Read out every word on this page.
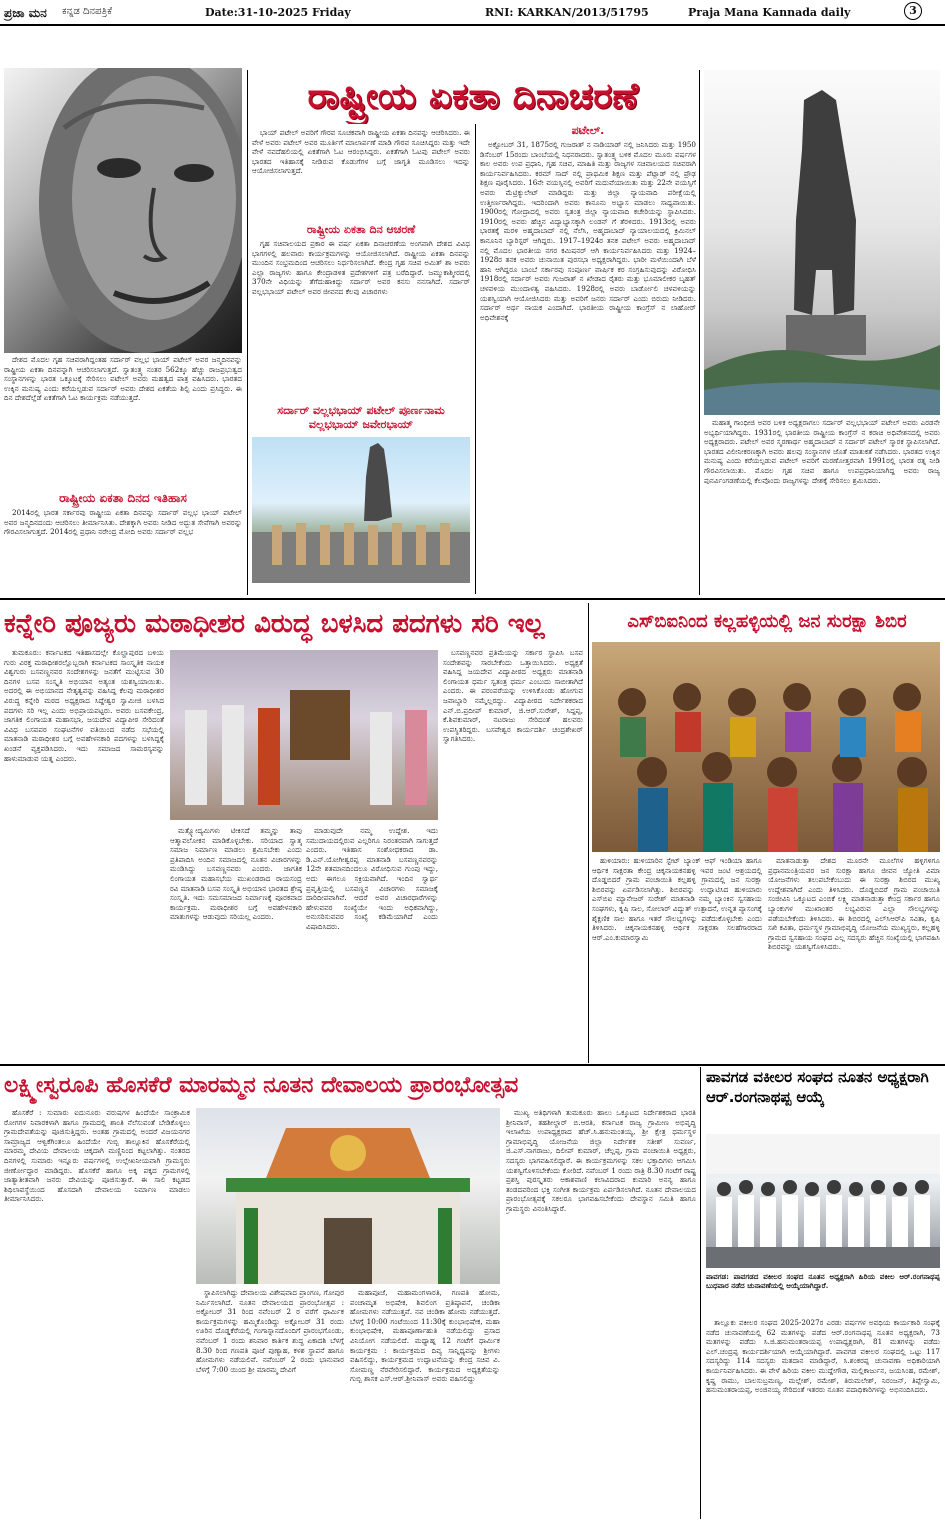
ಪ್ರಜಾ ಮನ ಕನ್ನಡ ದಿನಪತ್ರಿಕೆ	Date:31-10-2025 Friday	RNI: KARKAN/2013/51795	Praja Mana Kannada daily	3
ರಾಷ್ಟ್ರೀಯ ಏಕತಾ ದಿನಾಚರಣೆ

ದೇಶದ ಮೊದಲ ಗೃಹ ಸಚಿವರಾಗಿದ್ದಂತಹ ಸರ್ದಾರ್ ವಲ್ಲಭ ಭಾಯ್ ಪಟೇಲ್ ಅವರ ಜನ್ಮದಿನವನ್ನು ರಾಷ್ಟ್ರೀಯ ಏಕತಾ ದಿನವನ್ನಾಗಿ ಆಚರಿಸಲಾಗುತ್ತದೆ. ಸ್ವಾತಂತ್ರ್ಯ ನಂತರ 562ಕ್ಕೂ ಹೆಚ್ಚು ರಾಜಪ್ರಭುತ್ವದ ಸಂಸ್ಥಾನಗಳನ್ನು ಭಾರತ ಒಕ್ಕೂಟಕ್ಕೆ ಸೇರಿಸಲು ಪಟೇಲ್ ಅವರು ಮಹತ್ವದ ಪಾತ್ರ ವಹಿಸಿದರು. ಭಾರತದ ಉಕ್ಕಿನ ಮನುಷ್ಯ ಎಂದು ಕರೆಯಲ್ಪಡುವ ಸರ್ದಾರ್ ಅವರು ದೇಶದ ಏಕತೆಯ ಶಿಲ್ಪಿ ಎಂದು ಪ್ರಸಿದ್ಧರು. ಈ ದಿನ ದೇಶದೆಲ್ಲೆಡೆ ಏಕತೆಗಾಗಿ ಓಟ ಕಾರ್ಯಕ್ರಮ ನಡೆಯುತ್ತದೆ.

ರಾಷ್ಟ್ರೀಯ ಏಕತಾ ದಿನದ ಇತಿಹಾಸ

2014ರಲ್ಲಿ ಭಾರತ ಸರ್ಕಾರವು ರಾಷ್ಟ್ರೀಯ ಏಕತಾ ದಿನವನ್ನು ಸರ್ದಾರ್ ವಲ್ಲಭ ಭಾಯ್ ಪಟೇಲ್ ಅವರ ಜನ್ಮದಿನದಂದು ಆಚರಿಸಲು ತೀರ್ಮಾನಿಸಿತು. ದೇಶಕ್ಕಾಗಿ ಅವರು ನೀಡಿದ ಅದ್ಭುತ ಸೇವೆಗಾಗಿ ಅವರನ್ನು ಗೌರವಿಸಲಾಗುತ್ತದೆ. 2014ರಲ್ಲಿ ಪ್ರಧಾನಿ ನರೇಂದ್ರ ಮೋದಿ ಅವರು ಸರ್ದಾರ್ ವಲ್ಲಭ

ಭಾಯ್ ಪಟೇಲ್ ಅವರಿಗೆ ಗೌರವ ಸೂಚಕವಾಗಿ ರಾಷ್ಟ್ರೀಯ ಏಕತಾ ದಿನವನ್ನು ಆಚರಿಸಿದರು. ಈ ವೇಳೆ ಅವರು ಪಟೇಲ್ ಅವರ ಮೂರ್ತಿಗೆ ಮಾಲಾರ್ಪಣೆ ಮಾಡಿ ಗೌರವ ಸೂಚಿಸಿದ್ದರು ಮತ್ತು ಇದೇ ವೇಳೆ ನವದೆಹಲಿಯಲ್ಲಿ ಏಕತೆಗಾಗಿ ಓಟ ಆರಂಭಿಸಿದ್ದರು. ಏಕತೆಗಾಗಿ ಓಟವು ಪಟೇಲ್ ಅವರು ಭಾರತದ ಇತಿಹಾಸಕ್ಕೆ ನೀಡಿರುವ ಕೊಡುಗೆಗಳ ಬಗ್ಗೆ ಜಾಗೃತಿ ಮೂಡಿಸಲು ಇದನ್ನು ಆಯೋಜಿಸಲಾಗುತ್ತದೆ.

ರಾಷ್ಟ್ರೀಯ ಏಕತಾ ದಿನ ಆಚರಣೆ

ಗೃಹ ಸಚಿವಾಲಯದ ಪ್ರಕಾರ ಈ ವರ್ಷ ಏಕತಾ ದಿನಾಚರಣೆಯ ಅಂಗವಾಗಿ ದೇಶದ ವಿವಿಧ ಭಾಗಗಳಲ್ಲಿ ಹಲವಾರು ಕಾರ್ಯಕ್ರಮಗಳನ್ನು ಆಯೋಜಿಸಲಾಗಿದೆ. ರಾಷ್ಟ್ರೀಯ ಏಕತಾ ದಿನವನ್ನು ಮುಂದಿನ ಸಂಭ್ರಮದಿಂದ ಆಚರಿಸಲು ನಿರ್ಧರಿಸಲಾಗಿದೆ. ಕೇಂದ್ರ ಗೃಹ ಸಚಿವ ಅಮಿತ್ ಶಾ ಅವರು ಎಲ್ಲಾ ರಾಜ್ಯಗಳು ಹಾಗೂ ಕೇಂದ್ರಾಡಳಿತ ಪ್ರದೇಶಗಳಿಗೆ ಪತ್ರ ಬರೆದಿದ್ದಾರೆ. ಜಮ್ಮುಕಾಶ್ಮೀರದಲ್ಲಿ 370ನೇ ವಿಧಿಯನ್ನು ತೆಗೆದುಹಾಕಿದ್ದು ಸರ್ದಾರ್ ಅವರ ಕನಸು ನನಸಾಗಿದೆ. ಸರ್ದಾರ್ ವಲ್ಲಭಭಾಯ್ ಪಟೇಲ್ ಅವರ ಜೀವನದ ಕೆಲವು ವಿಚಾರಗಳು

ಸರ್ದಾರ್ ವಲ್ಲಭಭಾಯ್ ಪಟೇಲ್ ಪೂರ್ಣನಾಮ ವಲ್ಲಭಭಾಯ್ ಜವೇರಭಾಯ್
ಪಟೇಲ್.

ಅಕ್ಟೋಬರ್ 31, 1875ರಲ್ಲಿ ಗುಜರಾತ್ ನ ನಾಡಿಯಾಡ್ ನಲ್ಲಿ ಜನಿಸಿದರು ಮತ್ತು 1950 ಡಿಸೆಂಬರ್ 15ರಂದು ಬಾಂಬೆಯಲ್ಲಿ ನಿಧನರಾದರು. ಸ್ವಾತಂತ್ರ್ಯ ಬಳಿಕ ಮೊದಲ ಮೂರು ವರ್ಷಗಳ ಕಾಲ ಅವರು ಉಪ ಪ್ರಧಾನಿ, ಗೃಹ ಸಚಿವ, ಮಾಹಿತಿ ಮತ್ತು ರಾಜ್ಯಗಳ ಸಚಿವಾಲಯದ ಸಚಿವರಾಗಿ ಕಾರ್ಯನಿರ್ವಹಿಸಿದರು. ಕರಮ್ ಸಾದ್ ನಲ್ಲಿ ಪ್ರಾಥಮಿಕ ಶಿಕ್ಷಣ ಮತ್ತು ಪೆಟ್ಲಾಡ್ ನಲ್ಲಿ ಪ್ರೌಢ ಶಿಕ್ಷಣ ಪೂರೈಸಿದರು. 16ನೇ ವಯಸ್ಸಿನಲ್ಲಿ ಅವರಿಗೆ ಮದುವೆಯಾಯಿತು ಮತ್ತು 22ನೇ ವಯಸ್ಸಿಗೆ ಅವರು ಮೆಟ್ರಿಕ್ಯುಲೇಟ್ ಮಾಡಿದ್ದರು ಮತ್ತು ಜಿಲ್ಲಾ ನ್ಯಾಯವಾದಿ ಪರೀಕ್ಷೆಯಲ್ಲಿ ಉತ್ತೀರ್ಣರಾಗಿದ್ದರು. ಇದರಿಂದಾಗಿ ಅವರು ಕಾನೂನು ಅಭ್ಯಾಸ ಮಾಡಲು ಸಾಧ್ಯವಾಯಿತು. 1900ರಲ್ಲಿ ಗೋದ್ರಾದಲ್ಲಿ ಅವರು ಸ್ವತಂತ್ರ ಜಿಲ್ಲಾ ನ್ಯಾಯವಾದಿ ಕಚೇರಿಯನ್ನು ಸ್ಥಾಪಿಸಿದರು. 1910ರಲ್ಲಿ ಅವರು ಹೆಚ್ಚಿನ ವಿದ್ಯಾಭ್ಯಾಸಕ್ಕಾಗಿ ಲಂಡನ್ ಗೆ ತೆರಳಿದರು. 1913ರಲ್ಲಿ ಅವರು ಭಾರತಕ್ಕೆ ಮರಳಿ ಅಹ್ಮದಾಬಾದ್ ನಲ್ಲಿ ನೆಲೆಸಿ, ಅಹ್ಮದಾಬಾದ್ ನ್ಯಾಯಾಲಯದಲ್ಲಿ ಕ್ರಿಮಿನಲ್ ಕಾನೂನಿನ ಬ್ಯಾರಿಸ್ಟರ್ ಆಗಿದ್ದರು. 1917–1924ರ ತನಕ ಪಟೇಲ್ ಅವರು ಅಹ್ಮದಾಬಾದ್ ನಲ್ಲಿ ಮೊದಲ ಭಾರತೀಯ ನಗರ ಕಮಿಷನರ್ ಆಗಿ ಕಾರ್ಯನಿರ್ವಹಿಸಿದರು ಮತ್ತು 1924–1928ರ ತನಕ ಅವರು ಚುನಾಯಿತ ಪುರಸಭಾ ಅಧ್ಯಕ್ಷರಾಗಿದ್ದರು. ಭಾರೀ ಮಳೆಯಿಂದಾಗಿ ಬೆಳೆ ಹಾನಿ ಆಗಿದ್ದರೂ ಬಾಂಬೆ ಸರ್ಕಾರವು ಸಂಪೂರ್ಣ ವಾರ್ಷಿಕ ಕರ ಸಂಗ್ರಹಿಸುವುದನ್ನು ವಿರೋಧಿಸಿ 1918ರಲ್ಲಿ ಸರ್ದಾರ್ ಅವರು ಗುಜರಾತ್ ನ ಖೇಡಾದ ರೈತರು ಮತ್ತು ಭೂಮಾಲೀಕರ ಬೃಹತ್ ಚಳವಳಿಯ ಮುಂದಾಳತ್ವ ವಹಿಸಿದರು. 1928ರಲ್ಲಿ ಅವರು ಬಾರ್ಡೋಲಿ ಚಳವಳಿಯನ್ನು ಯಶಸ್ವಿಯಾಗಿ ಆಯೋಜಿಸಿದರು ಮತ್ತು ಅವರಿಗೆ ಜನರು ಸರ್ದಾರ್ ಎಂದು ಬಿರುದು ನೀಡಿದರು. ಸರ್ದಾರ್ ಅರ್ಥ ನಾಯಕ ಎಂದಾಗಿದೆ. ಭಾರತೀಯ ರಾಷ್ಟ್ರೀಯ ಕಾಂಗ್ರೆಸ್ ನ ಲಾಹೋರ್ ಅಧಿವೇಶನಕ್ಕೆ

ಮಹಾತ್ಮ ಗಾಂಧೀಜಿ ಅವರ ಬಳಿಕ ಅಧ್ಯಕ್ಷರಾಗಲು ಸರ್ದಾರ್ ವಲ್ಲಭಭಾಯ್ ಪಟೇಲ್ ಅವರು ಎರಡನೇ ಅಭ್ಯರ್ಥಿಯಾಗಿದ್ದರು. 1931ರಲ್ಲಿ ಭಾರತೀಯ ರಾಷ್ಟ್ರೀಯ ಕಾಂಗ್ರೆಸ್ ನ ಕರಾಚಿ ಅಧಿವೇಶನದಲ್ಲಿ ಅವರು ಅಧ್ಯಕ್ಷರಾದರು. ಪಟೇಲ್ ಅವರ ಸ್ಮರಣಾರ್ಥ ಅಹ್ಮದಾಬಾದ್ ನ ಸರ್ದಾರ್ ಪಟೇಲ್ ಸ್ಮಾರಕ ಸ್ಥಾಪಿಸಲಾಗಿದೆ. ಭಾರತದ ವಿಲೀನೀಕರಣಕ್ಕಾಗಿ ಅವರು ಹಲವು ಸಂಸ್ಥಾನಗಳ ಜೊತೆ ಮಾತುಕತೆ ನಡೆಸಿದರು. ಭಾರತದ ಉಕ್ಕಿನ ಮನುಷ್ಯ ಎಂದು ಕರೆಯಲ್ಪಡುವ ಪಟೇಲ್ ಅವರಿಗೆ ಮರಣೋತ್ತರವಾಗಿ 1991ರಲ್ಲಿ ಭಾರತ ರತ್ನ ನೀಡಿ ಗೌರವಿಸಲಾಯಿತು. ಮೊದಲ ಗೃಹ ಸಚಿವ ಹಾಗೂ ಉಪಪ್ರಧಾನಿಯಾಗಿದ್ದ ಅವರು ರಾಜ್ಯ ಪುನರ್ವಿಂಗಡಣೆಯಲ್ಲಿ ಕೆಲವೊಂದು ರಾಜ್ಯಗಳನ್ನು ದೇಶಕ್ಕೆ ಸೇರಿಸಲು ಶ್ರಮಿಸಿದರು.

ಕನ್ನೇರಿ ಪೂಜ್ಯರು ಮಠಾಧೀಶರ ವಿರುದ್ಧ ಬಳಸಿದ ಪದಗಳು ಸರಿ ಇಲ್ಲ

ತುಮಕೂರು: ಕರ್ನಾಟಕದ ಇತಿಹಾಸದಲ್ಲೇ ಕೊಲ್ಹಾಪುರದ ಬಳಿಯ ಗುರು ವಿರಕ್ತ ಮಠಾಧೀಶರಲ್ಲೊಬ್ಬರಾಗಿ ಕರ್ನಾಟಕದ ಸಾಂಸ್ಕೃತಿಕ ನಾಯಕ ವಿಶ್ವಗುರು ಬಸವಣ್ಣನವರ ಸಂದೇಶಗಳನ್ನು ಜನತೆಗೆ ಮುಟ್ಟಿಸುವ 30 ದಿನಗಳ ಬಸವ ಸಂಸ್ಕೃತಿ ಅಭಿಯಾನ ಅತ್ಯಂತ ಯಶಸ್ವಿಯಾಯಿತು. ಅದರಲ್ಲಿ ಈ ಅಭಿಯಾನದ ನೇತೃತ್ವವನ್ನು ವಹಿಸಿದ್ದ ಕೆಲವು ಮಠಾಧೀಶರ ವಿರುದ್ಧ ಕನ್ನೇರಿ ಮಠದ ಅಧ್ಯಕ್ಷರಾದ ಸಿದ್ದೇಶ್ವರ ಸ್ವಾಮೀಜಿ ಬಳಸಿದ ಪದಗಳು ಸರಿ ಇಲ್ಲ ಎಂದು ಅಭಿಪ್ರಾಯಪಟ್ಟರು. ಅವರು ಬಸವಕೇಂದ್ರ, ಜಾಗತಿಕ ಲಿಂಗಾಯತ ಮಹಾಸಭಾ, ಜಯದೇವ ವಿದ್ಯಾಪೀಠ ಸೇರಿದಂತೆ ವಿವಿಧ ಬಸವಪರ ಸಂಘಟನೆಗಳ ವತಿಯಿಂದ ನಡೆದ ಸಭೆಯಲ್ಲಿ ಮಾತನಾಡಿ ಮಠಾಧೀಶರ ಬಗ್ಗೆ ಅವಹೇಳನಕಾರಿ ಪದಗಳನ್ನು ಬಳಸಿದ್ದಕ್ಕೆ ಖಂಡನೆ ವ್ಯಕ್ತಪಡಿಸಿದರು. ಇದು ಸಮಾಜದ ಸಾಮರಸ್ಯವನ್ನು ಹಾಳುಮಾಡುವ ಯತ್ನ ಎಂದರು.

ಮತ್ಸ್ಯೋದ್ಯಮಿಗಳು ಟೀಕಿಸದೆ ತಮ್ಮನ್ನು ತಾವು ಆತ್ಮಾವಲೋಕನ ಮಾಡಿಕೊಳ್ಳಬೇಕು. ಸರಿಯಾದ ಸ್ವಾತ್ಮ ಸಮಾಜ ನಿರ್ಮಾಣ ಮಾಡಲು ಶ್ರಮಿಸಬೇಕು ಎಂದು ಪ್ರತಿಪಾದಿಸಿ ಅಂದಿನ ಸಮಾಜದಲ್ಲಿ ನೂತನ ವಿಚಾರಗಳನ್ನು ಮಂಡಿಸಿದ್ದು ಬಸವಣ್ಣನವರು ಎಂದರು. ಜಾಗತಿಕ ಲಿಂಗಾಯತ ಮಹಾಸಭೆಯ ಮುಖಂಡರಾದ ರಾಯಸಂದ್ರ ರವಿ ಮಾತನಾಡಿ ಬಸವ ಸಂಸ್ಕೃತಿ ಅಭಿಯಾನ ಭಾರತದ ಶ್ರೇಷ್ಠ ಸಂಸ್ಕೃತಿ. ಇದು ಸಮಸಮಾಜದ ನಿರ್ಮಾಣಕ್ಕೆ ಪೂರಕವಾದ ಕಾರ್ಯಕ್ರಮ. ಮಠಾಧೀಶರ ಬಗ್ಗೆ ಅವಹೇಳನಕಾರಿ ಮಾತುಗಳನ್ನು ಆಡುವುದು ಸರಿಯಲ್ಲ ಎಂದರು.

ಮಾಡುವುದೇ ನಮ್ಮ ಉದ್ದೇಶ. ಇದು ಸಮುದಾಯದಲ್ಲಿರುವ ಎಲ್ಲರಿಗೂ ನಿರಂತರವಾಗಿ ಸಾಗುತ್ತದೆ ಎಂದರು. ಇತಿಹಾಸ ಸಂಶೋಧಕರಾದ ಡಾ. ಡಿ.ಎನ್.ಯೋಗೀಶ್ವರಪ್ಪ ಮಾತನಾಡಿ ಬಸವಣ್ಣನವರನ್ನು 12ನೇ ಶತಮಾನದಿಂದಲೂ ವಿರೋಧಿಸುವ ಗುಂಪು ಇದ್ದು, ಅದು ಈಗಲೂ ಸಕ್ರಿಯವಾಗಿದೆ. ಇಂದಿನ ಸ್ವಾರ್ಥ ಪ್ರವೃತ್ತಿಯಲ್ಲಿ ಬಸವಣ್ಣನ ವಿಚಾರಗಳು ಸಮಾಜಕ್ಕೆ ದಾರಿದೀಪವಾಗಿವೆ. ಆದರೆ ಅವರ ವಿಚಾರಧಾರೆಗಳನ್ನು ಹೇಳುವವರ ಸಂಖ್ಯೆಯೇ ಇಂದು ಅಧಿಕವಾಗಿದ್ದು, ಅನುಸರಿಸುವವರ ಸಂಖ್ಯೆ ಕಡಿಮೆಯಾಗಿದೆ ಎಂದು ವಿಷಾದಿಸಿದರು.

ಬಸವಣ್ಣನವರ ಪ್ರತಿಮೆಯನ್ನು ಸರ್ಕಾರ ಸ್ಥಾಪಿಸಿ ಬಸವ ಸಂದೇಶವನ್ನು ಸಾರಬೇಕೆಂದು ಒತ್ತಾಯಿಸಿದರು. ಅಧ್ಯಕ್ಷತೆ ವಹಿಸಿದ್ದ ಜಯದೇವ ವಿದ್ಯಾಪೀಠದ ಅಧ್ಯಕ್ಷರು ಮಾತನಾಡಿ ಲಿಂಗಾಯತ ಧರ್ಮ ಸ್ವತಂತ್ರ ಧರ್ಮ ಎಂಬುದು ಸಾಬೀತಾಗಿದೆ ಎಂದರು. ಈ ಪರಂಪರೆಯನ್ನು ಉಳಿಸಿಕೊಂಡು ಹೋಗುವ ಜವಾಬ್ದಾರಿ ನಮ್ಮೆಲ್ಲರದ್ದು. ವಿದ್ಯಾಪೀಠದ ನಿರ್ದೇಶಕರಾದ ಎನ್.ಬಿ.ಪ್ರದೀಪ್ ಕುಮಾರ್, ಜಿ.ಆರ್.ಸುರೇಶ್, ಸಿದ್ದಪ್ಪ, ಕೆ.ಶಿವಕುಮಾರ್, ನಟರಾಜು ಸೇರಿದಂತೆ ಹಲವರು ಉಪಸ್ಥಿತರಿದ್ದರು. ಬಸವೇಶ್ವರ ಕಾರ್ಯದರ್ಶಿ ಚಂದ್ರಶೇಖರ್ ಸ್ವಾಗತಿಸಿದರು.

ಎಸ್‌ಬಿಐನಿಂದ ಕಲ್ಲಹಳ್ಳಿಯಲ್ಲಿ ಜನ ಸುರಕ್ಷಾ ಶಿಬಿರ

ಹುಳಿಯಾರು: ಹುಳಿಯಾರಿನ ಸ್ಟೇಟ್ ಬ್ಯಾಂಕ್ ಆಫ್ ಇಂಡಿಯಾ ಹಾಗೂ ಆರ್ಥಿಕ ಸಾಕ್ಷರತಾ ಕೇಂದ್ರ ಚಿಕ್ಕನಾಯಕನಹಳ್ಳಿ ಇವರ ಜಂಟಿ ಆಶ್ರಯದಲ್ಲಿ ದೊಡ್ಡಬಿದರೆ ಗ್ರಾಮ ಪಂಚಾಯಿತಿ ಕಲ್ಲಹಳ್ಳಿ ಗ್ರಾಮದಲ್ಲಿ ಜನ ಸುರಕ್ಷಾ ಶಿಬಿರವನ್ನು ಏರ್ಪಡಿಸಲಾಗಿತ್ತು. ಶಿಬಿರವನ್ನು ಉದ್ಘಾಟಿಸಿದ ಹುಳಿಯಾರು ಎಸ್‌ಬಿಐ ಮ್ಯಾನೇಜರ್ ಸುರೇಶ್ ಮಾತನಾಡಿ ನಮ್ಮ ಬ್ಯಾಂಕಿನ ಸ್ವಸಹಾಯ ಸಂಘಗಳು, ಕೃಷಿ ಸಾಲ, ಸೋಲಾರ್ ವಿದ್ಯುತ್ ಉತ್ಪಾದನೆ, ಉನ್ನತ ವ್ಯಾಸಂಗಕ್ಕೆ ಶೈಕ್ಷಣಿಕ ಸಾಲ ಹಾಗೂ ಇತರೆ ಸೌಲಭ್ಯಗಳನ್ನು ಪಡೆದುಕೊಳ್ಳಬೇಕು ಎಂದು ತಿಳಿಸಿದರು. ಚಿಕ್ಕನಾಯಕನಹಳ್ಳಿ ಆರ್ಥಿಕ ಸಾಕ್ಷರತಾ ಸಲಹೆಗಾರರಾದ ಆರ್.ಎಂ.ಕುಮಾರಸ್ವಾಮಿ

ಮಾತನಾಡುತ್ತಾ ದೇಶದ ಮೂರನೇ ಮೂಲೆಗಳ ಹಳ್ಳಿಗಳಿಗೂ ಪ್ರಧಾನಮಂತ್ರಿಯವರ ಜನ ಸುರಕ್ಷಾ ಹಾಗೂ ಜೀವನ ಜ್ಯೋತಿ ವಿಮಾ ಯೋಜನೆಗಳು ತಲುಪಬೇಕೆಂಬುದು ಈ ಸುರಕ್ಷಾ ಶಿಬಿರದ ಮುಖ್ಯ ಉದ್ದೇಶವಾಗಿದೆ ಎಂದು ತಿಳಿಸಿದರು. ದೊಡ್ಡಬಿದರೆ ಗ್ರಾಮ ಪಂಚಾಯಿತಿ ಸಂಜೀವಿನಿ ಒಕ್ಕೂಟದ ಎಂಬಿಕೆ ಲಕ್ಷ್ಮಿ ಮಾತನಾಡುತ್ತಾ ಕೇಂದ್ರ ಸರ್ಕಾರ ಹಾಗೂ ಬ್ಯಾಂಕುಗಳ ಮುಖಾಂತರ ಲಭ್ಯವಿರುವ ಎಲ್ಲಾ ಸೌಲಭ್ಯಗಳನ್ನು ಪಡೆಯಬೇಕೆಂದು ತಿಳಿಸಿದರು. ಈ ಶಿಬಿರದಲ್ಲಿ ಎಲ್‌ಸಿಆರ್‌ಪಿ ಸವಿತಾ, ಕೃಷಿ ಸಖಿ ಕವಿತಾ, ಧರ್ಮಸ್ಥಳ ಗ್ರಾಮಾಭಿವೃದ್ಧಿ ಯೋಜನೆಯ ಮುಖ್ಯಸ್ಥರು, ಕಲ್ಲಹಳ್ಳಿ ಗ್ರಾಮದ ಸ್ವಸಹಾಯ ಸಂಘದ ಎಲ್ಲ ಸದಸ್ಯರು ಹೆಚ್ಚಿನ ಸಂಖ್ಯೆಯಲ್ಲಿ ಭಾಗವಹಿಸಿ ಶಿಬಿರವನ್ನು ಯಶಸ್ವಿಗೊಳಿಸಿದರು.

ಲಕ್ಷ್ಮೀಸ್ವರೂಪಿ ಹೊಸಕೆರೆ ಮಾರಮ್ಮನ ನೂತನ ದೇವಾಲಯ ಪ್ರಾರಂಭೋತ್ಸವ

ಹೊಸಕೆರೆ : ಸುಮಾರು ಐದುನೂರು ವರುಷಗಳ ಹಿಂದೆಯೇ ಸಾಂಕ್ರಾಮಿಕ ರೋಗಗಳ ನಿವಾರಕಳಾಗಿ ಹಾಗೂ ಗ್ರಾಮದಲ್ಲಿ ಶಾಂತಿ ನೆಲೆಸುವಂತೆ ಬೇಡಿಕೊಳ್ಳಲು ಗ್ರಾಮದೇವತೆಯನ್ನು ಪೂಜಿಸುತ್ತಿದ್ದರು. ಅಂತಹ ಗ್ರಾಮದಲ್ಲಿ ಅಂದರೆ ವಿಜಯನಗರ ಸಾಮ್ರಾಜ್ಯದ ಆಳ್ವಿಕೆಗಿಂತಲೂ ಹಿಂದೆಯೇ ಗುಬ್ಬಿ ತಾಲ್ಲೂಕಿನ ಹೊಸಕೆರೆಯಲ್ಲಿ ಮಾರಮ್ಮ ದೇವಿಯ ದೇವಾಲಯ ಚಿಕ್ಕದಾಗಿ ಮಣ್ಣಿನಿಂದ ಕಟ್ಟಲಾಗಿತ್ತು. ನಂತರದ ದಿನಗಳಲ್ಲಿ ಸುಮಾರು ಇನ್ನೂರು ವರ್ಷಗಳಲ್ಲಿ ಉಲ್ಲೇಖನೀಯವಾಗಿ ಗ್ರಾಮಸ್ಥರು ಜೀರ್ಣೋದ್ಧಾರ ಮಾಡಿದ್ದರು. ಹೊಸಕೆರೆ ಹಾಗೂ ಅಕ್ಕ ಪಕ್ಕದ ಗ್ರಾಮಗಳಲ್ಲಿ ಜಾತ್ಯಾತೀತವಾಗಿ ಜನರು ದೇವಿಯನ್ನು ಪೂಜಿಸುತ್ತಾರೆ. ಈ ಸಾಲಿ ಕಟ್ಟಡದ ಶಿಥಿಲಾವಸ್ಥೆಯಿಂದ ಹೊಸದಾಗಿ ದೇವಾಲಯ ನಿರ್ಮಾಣ ಮಾಡಲು ತೀರ್ಮಾನಿಸಿದರು.

ಸ್ಥಾಪಿಸಲಾಗಿದ್ದು ದೇವಾಲಯ ವಿಶೇಷವಾದ ಪ್ರಾಂಗಣ, ಗೋಪುರ ನಿರ್ಮಿಸಲಾಗಿದೆ. ನೂತನ ದೇವಾಲಯದ ಪ್ರಾರಂಭೋತ್ಸವ : ಅಕ್ಟೋಬರ್ 31 ರಿಂದ ನವೆಂಬರ್ 2 ರ ವರೆಗೆ ಧಾರ್ಮಿಕ ಕಾರ್ಯಕ್ರಮಗಳನ್ನು ಹಮ್ಮಿಕೊಂಡಿದ್ದು ಅಕ್ಟೋಬರ್ 31 ರಂದು ಊರಿನ ದೊಡ್ಡಕೆರೆಯಲ್ಲಿ ಗಂಗಾಸ್ನಾನದೊಂದಿಗೆ ಪ್ರಾರಂಭಗೊಂಡು, ನವೆಂಬರ್ 1 ರಂದು ಶನಿವಾರ ಕಾರ್ತಿಕ ಶುದ್ಧ ಏಕಾದಶಿ ಬೆಳಗ್ಗೆ 8.30 ರಿಂದ ಗಣಪತಿ ಪೂಜೆ ಪುಣ್ಯಾಹ, ಕಳಶ ಸ್ಥಾಪನೆ ಹಾಗೂ ಹೋಮಗಳು ನಡೆಯಲಿವೆ. ನವೆಂಬರ್ 2 ರಂದು ಭಾನುವಾರ ಬೆಳಗ್ಗೆ 7:00 ಯಿಂದ ಶ್ರೀ ಮಾರಮ್ಮ ದೇವಿಗೆ

ಮಹಾಪೂಜೆ, ಮಹಾಮಂಗಳಾರತಿ, ಗಣಪತಿ ಹೋಮ, ಪಂಚಾಮೃತ ಅಭಿಷೇಕ, ಶಿವಲಿಂಗ ಪ್ರತಿಷ್ಠಾಪನೆ, ಚಂಡಿಕಾ ಹೋಮಗಳು ನಡೆಯುತ್ತವೆ. ನವ ಚಂಡಿಕಾ ಹೋಮ ನಡೆಯುತ್ತದೆ. ಬೆಳಗ್ಗೆ 10:00 ಗಂಟೆಯಿಂದ 11:30ಕ್ಕೆ ಕುಂಭಾಭಿಷೇಕ, ಮಹಾ ಕುಂಭಾಭಿಷೇಕ, ಮಹಾಪೂರ್ಣಾಹುತಿ ನಡೆಯಲಿದ್ದು ಪ್ರಸಾದ ವಿನಿಯೋಗ ನಡೆಯಲಿದೆ. ಮಧ್ಯಾಹ್ನ 12 ಗಂಟೆಗೆ ಧಾರ್ಮಿಕ ಕಾರ್ಯಕ್ರಮ : ಕಾರ್ಯಕ್ರಮದ ದಿವ್ಯ ಸಾನ್ನಿಧ್ಯವನ್ನು ಶ್ರೀಗಳು ವಹಿಸಲಿದ್ದು, ಕಾರ್ಯಕ್ರಮದ ಉದ್ಘಾಟನೆಯನ್ನು ಕೇಂದ್ರ ಸಚಿವ ವಿ. ಸೋಮಣ್ಣ ನೆರವೇರಿಸಲಿದ್ದಾರೆ. ಕಾರ್ಯಕ್ರಮದ ಅಧ್ಯಕ್ಷತೆಯನ್ನು ಗುಬ್ಬಿ ಶಾಸಕ ಎಸ್.ಆರ್.ಶ್ರೀನಿವಾಸ್ ಅವರು ವಹಿಸಲಿದ್ದು

ಮುಖ್ಯ ಅತಿಥಿಗಳಾಗಿ ತುಮಕೂರು ಹಾಲು ಒಕ್ಕೂಟದ ನಿರ್ದೇಶಕರಾದ ಭಾರತಿ ಶ್ರೀನಿವಾಸ್, ತಹಶೀಲ್ದಾರ್ ಬಿ.ಆರತಿ, ಕರ್ನಾಟಕ ರಾಜ್ಯ ಗ್ರಾಮೀಣ ಅಭಿವೃದ್ಧಿ ಇಲಾಖೆಯ ಉಪಾಧ್ಯಕ್ಷರಾದ ಹೆಚ್.ಸಿ.ಹನುಮಂತಯ್ಯ, ಶ್ರೀ ಕ್ಷೇತ್ರ ಧರ್ಮಸ್ಥಳ ಗ್ರಾಮಾಭಿವೃದ್ಧಿ ಯೋಜನೆಯ ಜಿಲ್ಲಾ ನಿರ್ದೇಶಕ ಸತೀಶ್ ಸುವರ್ಣ, ಜಿ.ಎಸ್.ನಾಗರಾಜು, ದಿಲೀಪ್ ಕುಮಾರ್, ಚೆಲ್ಲಪ್ಪ, ಗ್ರಾಮ ಪಂಚಾಯಿತಿ ಅಧ್ಯಕ್ಷರು, ಸದಸ್ಯರು ಭಾಗವಹಿಸಲಿದ್ದಾರೆ. ಈ ಕಾರ್ಯಕ್ರಮಗಳನ್ನು ಸಕಲ ಭಕ್ತಾದಿಗಳು ಆಗಮಿಸಿ ಯಶಸ್ವಿಗೊಳಿಸಬೇಕೆಂದು ಕೋರಿದೆ. ನವೆಂಬರ್ 1 ರಂದು ರಾತ್ರಿ 8.30 ಗಂಟೆಗೆ ರಾಷ್ಟ್ರ ಪ್ರಶಸ್ತಿ ಪುರಸ್ಕೃತರು ಆಕಾಶವಾಣಿ ಕಲಾವಿದರಾದ ಕುಮಾರಿ ಅನನ್ಯ ಹಾಗೂ ತಂಡದವರಿಂದ ಭಕ್ತಿ ಸಂಗೀತ ಕಾರ್ಯಕ್ರಮ ಏರ್ಪಡಿಸಲಾಗಿದೆ. ನೂತನ ದೇವಾಲಯದ ಪ್ರಾರಂಭೋತ್ಸವಕ್ಕೆ ಸಕಲರೂ ಭಾಗವಹಿಸಬೇಕೆಂದು ದೇವಸ್ಥಾನ ಸಮಿತಿ ಹಾಗೂ ಗ್ರಾಮಸ್ಥರು ವಿನಂತಿಸಿದ್ದಾರೆ.

ಪಾವಗಡ ವಕೀಲರ ಸಂಘದ ನೂತನ ಅಧ್ಯಕ್ಷರಾಗಿ ಆರ್.ರಂಗನಾಥಪ್ಪ ಆಯ್ಕೆ
ಪಾವಗಡ: ಪಾವಗಡದ ವಕೀಲರ ಸಂಘದ ನೂತನ ಅಧ್ಯಕ್ಷರಾಗಿ ಹಿರಿಯ ವಕೀಲ ಆರ್.ರಂಗನಾಥಪ್ಪ ಬುಧವಾರ ನಡೆದ ಚುನಾವಣೆಯಲ್ಲಿ ಆಯ್ಕೆಯಾಗಿದ್ದಾರೆ.

ತಾಲ್ಲೂಕು ವಕೀಲರ ಸಂಘದ 2025-2027ರ ಎರಡು ವರ್ಷಗಳ ಅವಧಿಯ ಕಾರ್ಯಕಾರಿ ಸಂಘಕ್ಕೆ ನಡೆದ ಚುನಾವಣೆಯಲ್ಲಿ 62 ಮತಗಳನ್ನು ಪಡೆದ ಆರ್.ರಂಗನಾಥಪ್ಪ ನೂತನ ಅಧ್ಯಕ್ಷರಾಗಿ, 73 ಮತಗಳನ್ನು ಪಡೆದು ಸಿ.ಜಿ.ಹನುಮಂತರಾಯಪ್ಪ ಉಪಾಧ್ಯಕ್ಷರಾಗಿ, 81 ಮತಗಳನ್ನು ಪಡೆದು ಎಲ್.ಚಂದ್ರಪ್ಪ ಕಾರ್ಯದರ್ಶಿಯಾಗಿ ಆಯ್ಕೆಯಾಗಿದ್ದಾರೆ. ಪಾವಗಡ ವಕೀಲರ ಸಂಘದಲ್ಲಿ ಒಟ್ಟು 117 ಸದಸ್ಯರಿದ್ದು 114 ಸದಸ್ಯರು ಮತದಾನ ಮಾಡಿದ್ದಾರೆ, ಸಿ.ಶಂಕರಪ್ಪ ಚುನಾವಣಾ ಅಧಿಕಾರಿಯಾಗಿ ಕಾರ್ಯನಿರ್ವಹಿಸಿದರು. ಈ ವೇಳೆ ಹಿರಿಯ ವಕೀಲ ಮುದ್ದೇಗೌಡ, ಮಲ್ಲಿಕಾರ್ಜುನ, ಜಯಸಿಂಹ, ರಮೇಶ್, ಕೃಷ್ಣ ರಾಮು, ಬಾಲಸುಬ್ರಮಣ್ಯ, ಮಲ್ಲೇಶ್, ರಮೇಶ್, ತಿರುಮಲೇಶ್, ನಿರಂಜನ್, ತಿಪ್ಪೇಸ್ವಾಮಿ, ಹನುಮಂತರಾಯಪ್ಪ, ಅಂಜಿನಯ್ಯ ಸೇರಿದಂತೆ ಇತರರು ನೂತನ ಪದಾಧಿಕಾರಿಗಳನ್ನು ಅಭಿನಂದಿಸಿದರು.
